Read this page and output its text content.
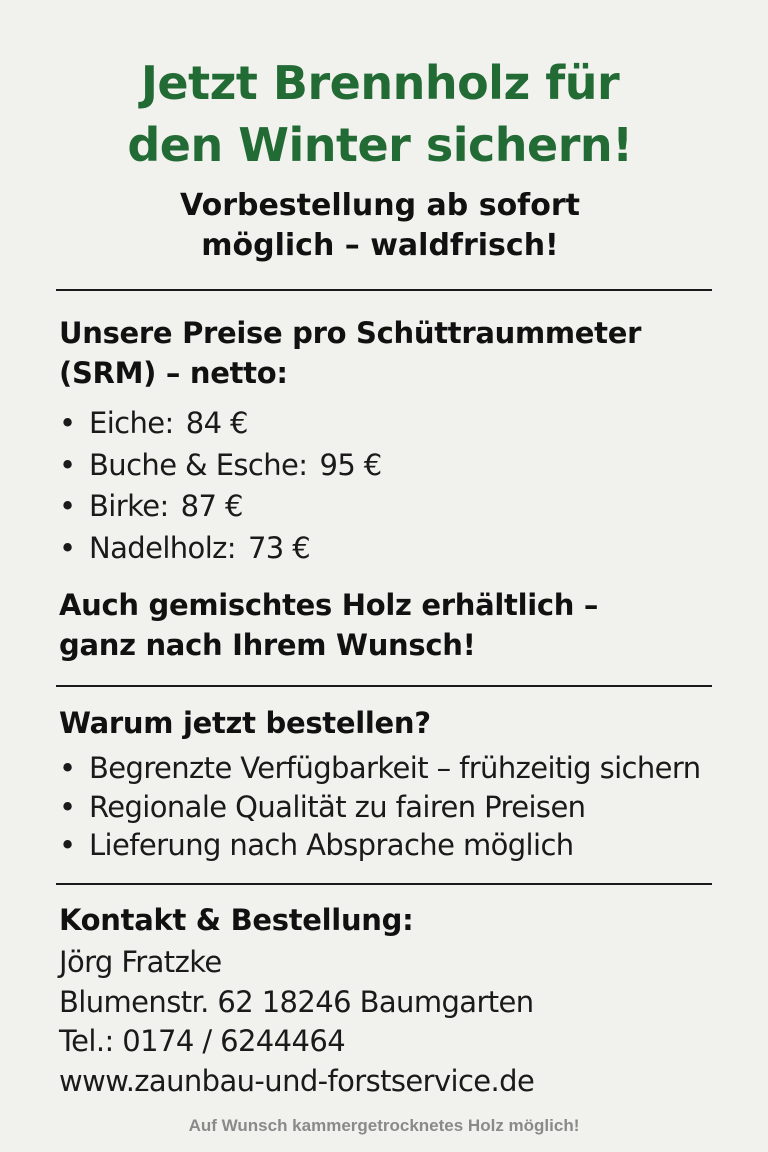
Jetzt Brennholz für
den Winter sichern!
Vorbestellung ab sofort
möglich – waldfrisch!
Unsere Preise pro Schüttraummeter
(SRM) – netto:
• Eiche: 84 €
• Buche & Esche: 95 €
• Birke: 87 €
• Nadelholz: 73 €
Auch gemischtes Holz erhältlich –
ganz nach Ihrem Wunsch!
Warum jetzt bestellen?
• Begrenzte Verfügbarkeit – frühzeitig sichern
• Regionale Qualität zu fairen Preisen
• Lieferung nach Absprache möglich
Kontakt & Bestellung:
Jörg Fratzke
Blumenstr. 62 18246 Baumgarten
Tel.: 0174 / 6244464
www.zaunbau-und-forstservice.de
Auf Wunsch kammergetrocknetes Holz möglich!
